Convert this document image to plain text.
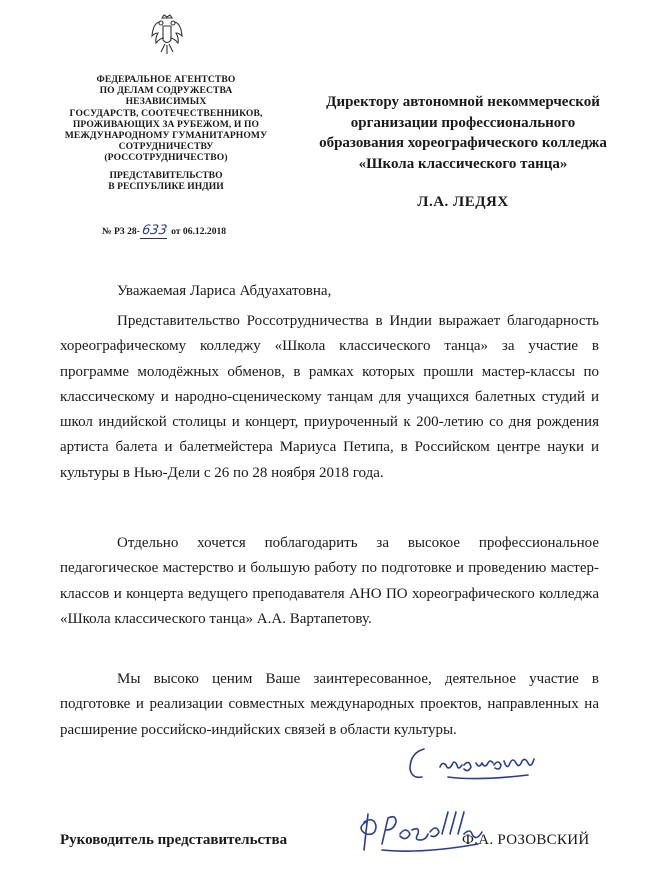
ФЕДЕРАЛЬНОЕ АГЕНТСТВО
ПО ДЕЛАМ СОДРУЖЕСТВА НЕЗАВИСИМЫХ
ГОСУДАРСТВ, СООТЕЧЕСТВЕННИКОВ,
ПРОЖИВАЮЩИХ ЗА РУБЕЖОМ, И ПО
МЕЖДУНАРОДНОМУ ГУМАНИТАРНОМУ
СОТРУДНИЧЕСТВУ
(РОССОТРУДНИЧЕСТВО)
ПРЕДСТАВИТЕЛЬСТВО
В РЕСПУБЛИКЕ ИНДИИ
№ Р3 28-633 от 06.12.2018
Директору автономной некоммерческой
организации профессионального
образования хореографического колледжа
«Школа классического танца»
Л.А. ЛЕДЯХ
Уважаемая Лариса Абдуахатовна,

Представительство Россотрудничества в Индии выражает благодарность хореографическому колледжу «Школа классического танца» за участие в программе молодёжных обменов, в рамках которых прошли мастер-классы по классическому и народно-сценическому танцам для учащихся балетных студий и школ индийской столицы и концерт, приуроченный к 200-летию со дня рождения артиста балета и балетмейстера Мариуса Петипа, в Российском центре науки и культуры в Нью-Дели с 26 по 28 ноября 2018 года.

Отдельно хочется поблагодарить за высокое профессиональное педагогическое мастерство и большую работу по подготовке и проведению мастер-классов и концерта ведущего преподавателя АНО ПО хореографического колледжа «Школа классического танца» А.А. Вартапетову.

Мы высоко ценим Ваше заинтересованное, деятельное участие в подготовке и реализации совместных международных проектов, направленных на расширение российско-индийских связей в области культуры.

Руководитель представительства	Ф.А. РОЗОВСКИЙ
